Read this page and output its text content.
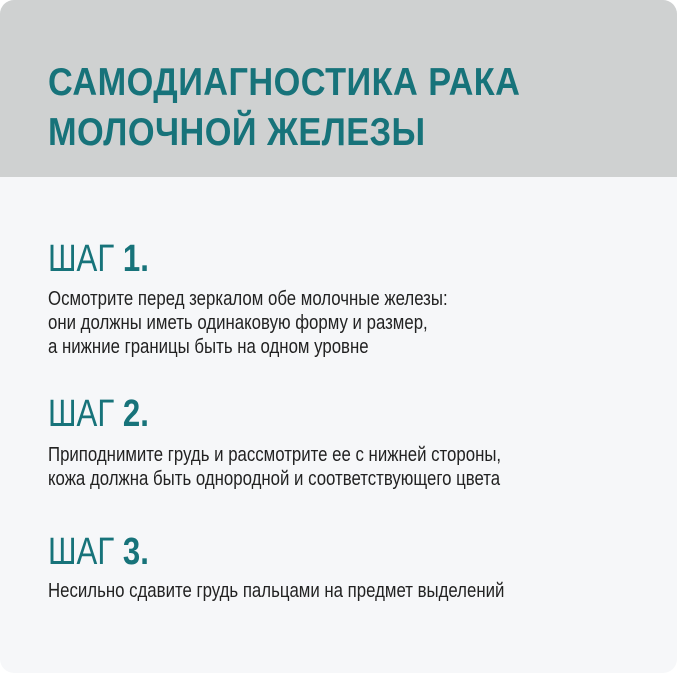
САМОДИАГНОСТИКА РАКА
МОЛОЧНОЙ ЖЕЛЕЗЫ
ШАГ 1.

Осмотрите перед зеркалом обе молочные железы:
они должны иметь одинаковую форму и размер,
а нижние границы быть на одном уровне

ШАГ 2.

Приподнимите грудь и рассмотрите ее с нижней стороны,
кожа должна быть однородной и соответствующего цвета

ШАГ 3.

Несильно сдавите грудь пальцами на предмет выделений
